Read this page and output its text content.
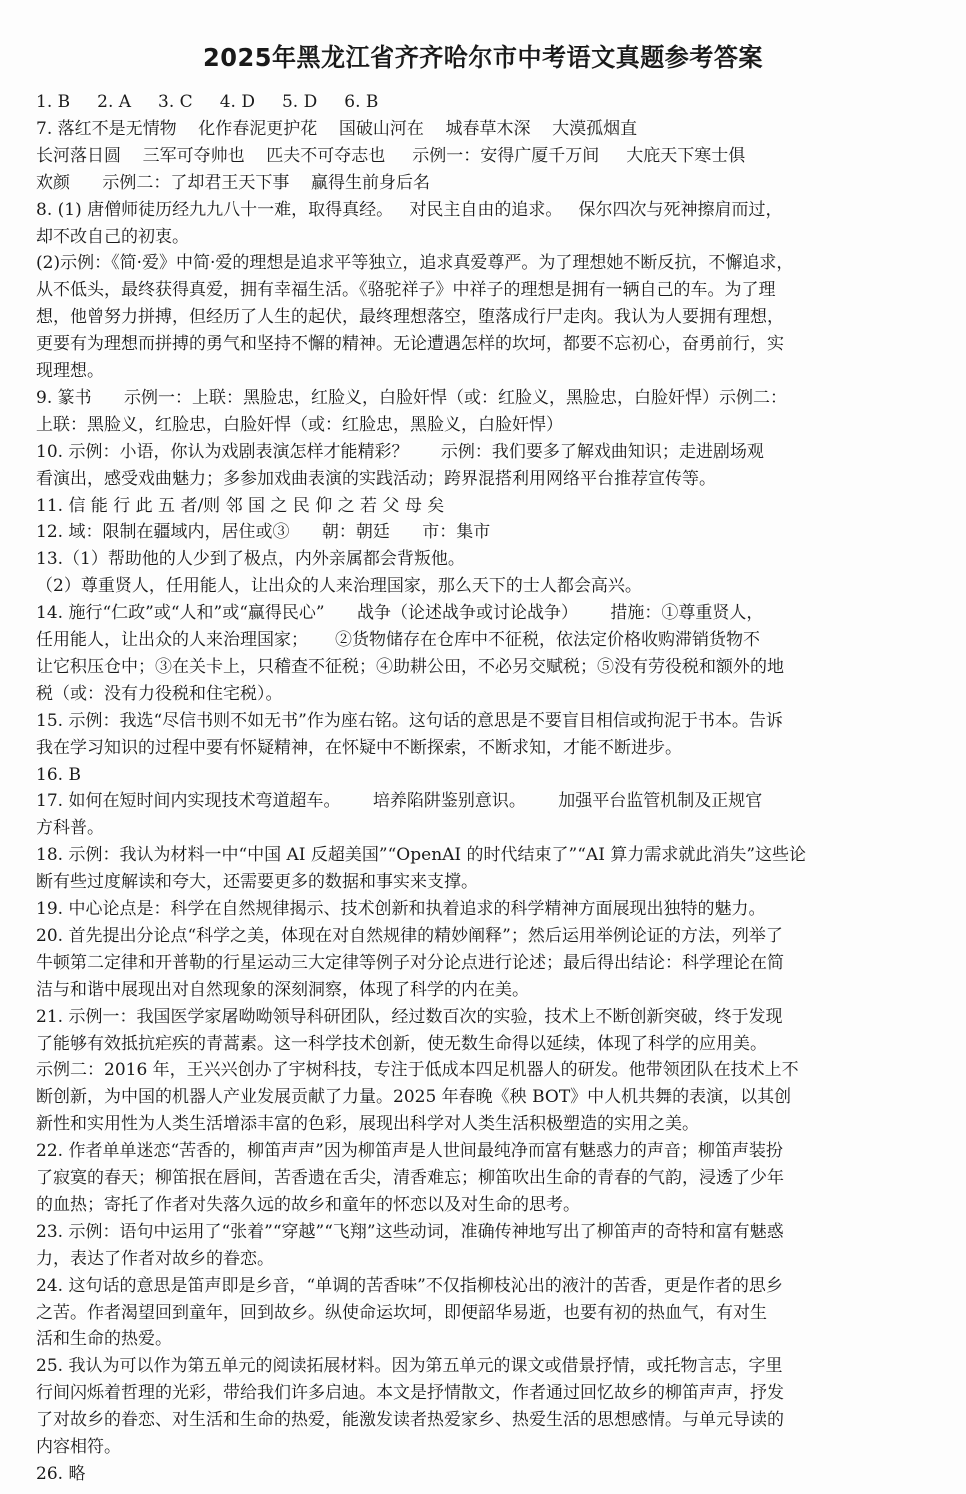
2025年黑龙江省齐齐哈尔市中考语文真题参考答案
1. B     2. A     3. C     4. D     5. D     6. B
7. 落红不是无情物    化作春泥更护花    国破山河在    城春草木深    大漠孤烟直
长河落日圆    三军可夺帅也    匹夫不可夺志也     示例一：安得广厦千万间     大庇天下寒士俱
欢颜      示例二：了却君王天下事    赢得生前身后名
8. (1) 唐僧师徒历经九九八十一难，取得真经。   对民主自由的追求。   保尔四次与死神擦肩而过，
却不改自己的初衷。
(2)示例：《简·爱》中简·爱的理想是追求平等独立，追求真爱尊严。为了理想她不断反抗，不懈追求，
从不低头，最终获得真爱，拥有幸福生活。《骆驼祥子》中祥子的理想是拥有一辆自己的车。为了理
想，他曾努力拼搏，但经历了人生的起伏，最终理想落空，堕落成行尸走肉。我认为人要拥有理想，
更要有为理想而拼搏的勇气和坚持不懈的精神。无论遭遇怎样的坎坷，都要不忘初心，奋勇前行，实
现理想。
9. 篆书      示例一：上联：黑脸忠，红脸义，白脸奸悍（或：红脸义，黑脸忠，白脸奸悍）示例二：
上联：黑脸义，红脸忠，白脸奸悍（或：红脸忠，黑脸义，白脸奸悍）
10. 示例：小语，你认为戏剧表演怎样才能精彩？      示例：我们要多了解戏曲知识；走进剧场观
看演出，感受戏曲魅力；多参加戏曲表演的实践活动；跨界混搭利用网络平台推荐宣传等。
11. 信 能 行 此 五 者/则 邻 国 之 民 仰 之 若 父 母 矣
12. 域：限制在疆域内，居住或③      朝：朝廷      市：集市
13.（1）帮助他的人少到了极点，内外亲属都会背叛他。
（2）尊重贤人，任用能人，让出众的人来治理国家，那么天下的士人都会高兴。
14. 施行“仁政”或“人和”或“赢得民心”      战争（论述战争或讨论战争）      措施：①尊重贤人，
任用能人，让出众的人来治理国家；     ②货物储存在仓库中不征税，依法定价格收购滞销货物不
让它积压仓中；③在关卡上，只稽查不征税；④助耕公田，不必另交赋税；⑤没有劳役税和额外的地
税（或：没有力役税和住宅税）。
15. 示例：我选“尽信书则不如无书”作为座右铭。这句话的意思是不要盲目相信或拘泥于书本。告诉
我在学习知识的过程中要有怀疑精神，在怀疑中不断探索，不断求知，才能不断进步。
16. B
17. 如何在短时间内实现技术弯道超车。      培养陷阱鉴别意识。      加强平台监管机制及正规官
方科普。
18. 示例：我认为材料一中“中国 AI 反超美国”“OpenAI 的时代结束了”“AI 算力需求就此消失”这些论
断有些过度解读和夸大，还需要更多的数据和事实来支撑。
19. 中心论点是：科学在自然规律揭示、技术创新和执着追求的科学精神方面展现出独特的魅力。
20. 首先提出分论点“科学之美，体现在对自然规律的精妙阐释”；然后运用举例论证的方法，列举了
牛顿第二定律和开普勒的行星运动三大定律等例子对分论点进行论述；最后得出结论：科学理论在简
洁与和谐中展现出对自然现象的深刻洞察，体现了科学的内在美。
21. 示例一：我国医学家屠呦呦领导科研团队，经过数百次的实验，技术上不断创新突破，终于发现
了能够有效抵抗疟疾的青蒿素。这一科学技术创新，使无数生命得以延续，体现了科学的应用美。
示例二：2016 年，王兴兴创办了宇树科技，专注于低成本四足机器人的研发。他带领团队在技术上不
断创新，为中国的机器人产业发展贡献了力量。2025 年春晚《秧 BOT》中人机共舞的表演，以其创
新性和实用性为人类生活增添丰富的色彩，展现出科学对人类生活积极塑造的实用之美。
22. 作者单单迷恋“苦香的，柳笛声声”因为柳笛声是人世间最纯净而富有魅惑力的声音；柳笛声装扮
了寂寞的春天；柳笛抿在唇间，苦香遗在舌尖，清香难忘；柳笛吹出生命的青春的气韵，浸透了少年
的血热；寄托了作者对失落久远的故乡和童年的怀恋以及对生命的思考。
23. 示例：语句中运用了“张着”“穿越”“飞翔”这些动词，准确传神地写出了柳笛声的奇特和富有魅惑
力，表达了作者对故乡的眷恋。
24. 这句话的意思是笛声即是乡音，“单调的苦香味”不仅指柳枝沁出的液汁的苦香，更是作者的思乡
之苦。作者渴望回到童年，回到故乡。纵使命运坎坷，即便韶华易逝，也要有初的热血气，有对生
活和生命的热爱。
25. 我认为可以作为第五单元的阅读拓展材料。因为第五单元的课文或借景抒情，或托物言志，字里
行间闪烁着哲理的光彩，带给我们许多启迪。本文是抒情散文，作者通过回忆故乡的柳笛声声，抒发
了对故乡的眷恋、对生活和生命的热爱，能激发读者热爱家乡、热爱生活的思想感情。与单元导读的
内容相符。
26. 略
